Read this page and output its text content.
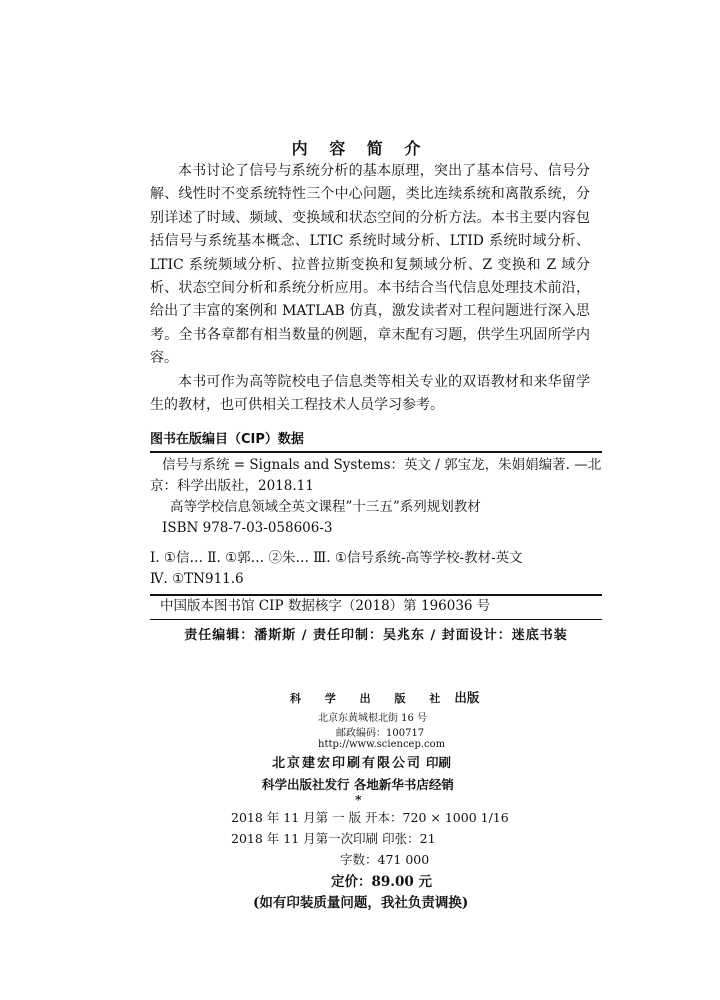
内 容 简 介

本书讨论了信号与系统分析的基本原理，突出了基本信号、信号分解、线性时不变系统特性三个中心问题，类比连续系统和离散系统，分别详述了时域、频域、变换域和状态空间的分析方法。本书主要内容包括信号与系统基本概念、LTIC 系统时域分析、LTID 系统时域分析、LTIC 系统频域分析、拉普拉斯变换和复频域分析、Z 变换和 Z 域分析、状态空间分析和系统分析应用。本书结合当代信息处理技术前沿，给出了丰富的案例和 MATLAB 仿真，激发读者对工程问题进行深入思考。全书各章都有相当数量的例题，章末配有习题，供学生巩固所学内容。

本书可作为高等院校电子信息类等相关专业的双语教材和来华留学生的教材，也可供相关工程技术人员学习参考。

图书在版编目（CIP）数据
信号与系统 = Signals and Systems：英文 / 郭宝龙，朱娟娟编著. —北
京：科学出版社，2018.11
高等学校信息领域全英文课程”十三五”系列规划教材
ISBN 978-7-03-058606-3
Ⅰ. ①信… Ⅱ. ①郭… ②朱… Ⅲ. ①信号系统-高等学校-教材-英文
Ⅳ. ①TN911.6
中国版本图书馆 CIP 数据核字（2018）第 196036 号
责任编辑：潘斯斯 / 责任印制：吴兆东 / 封面设计：迷底书装
科 学 出 版 社 出版
北京东黄城根北街 16 号
邮政编码：100717
http://www.sciencep.com
北京建宏印刷有限公司 印刷
科学出版社发行 各地新华书店经销
*
2018 年 11 月第 一 版 开本：720 × 1000 1/16
2018 年 11 月第一次印刷 印张：21
字数：471 000
定价：89.00 元
(如有印装质量问题，我社负责调换)
